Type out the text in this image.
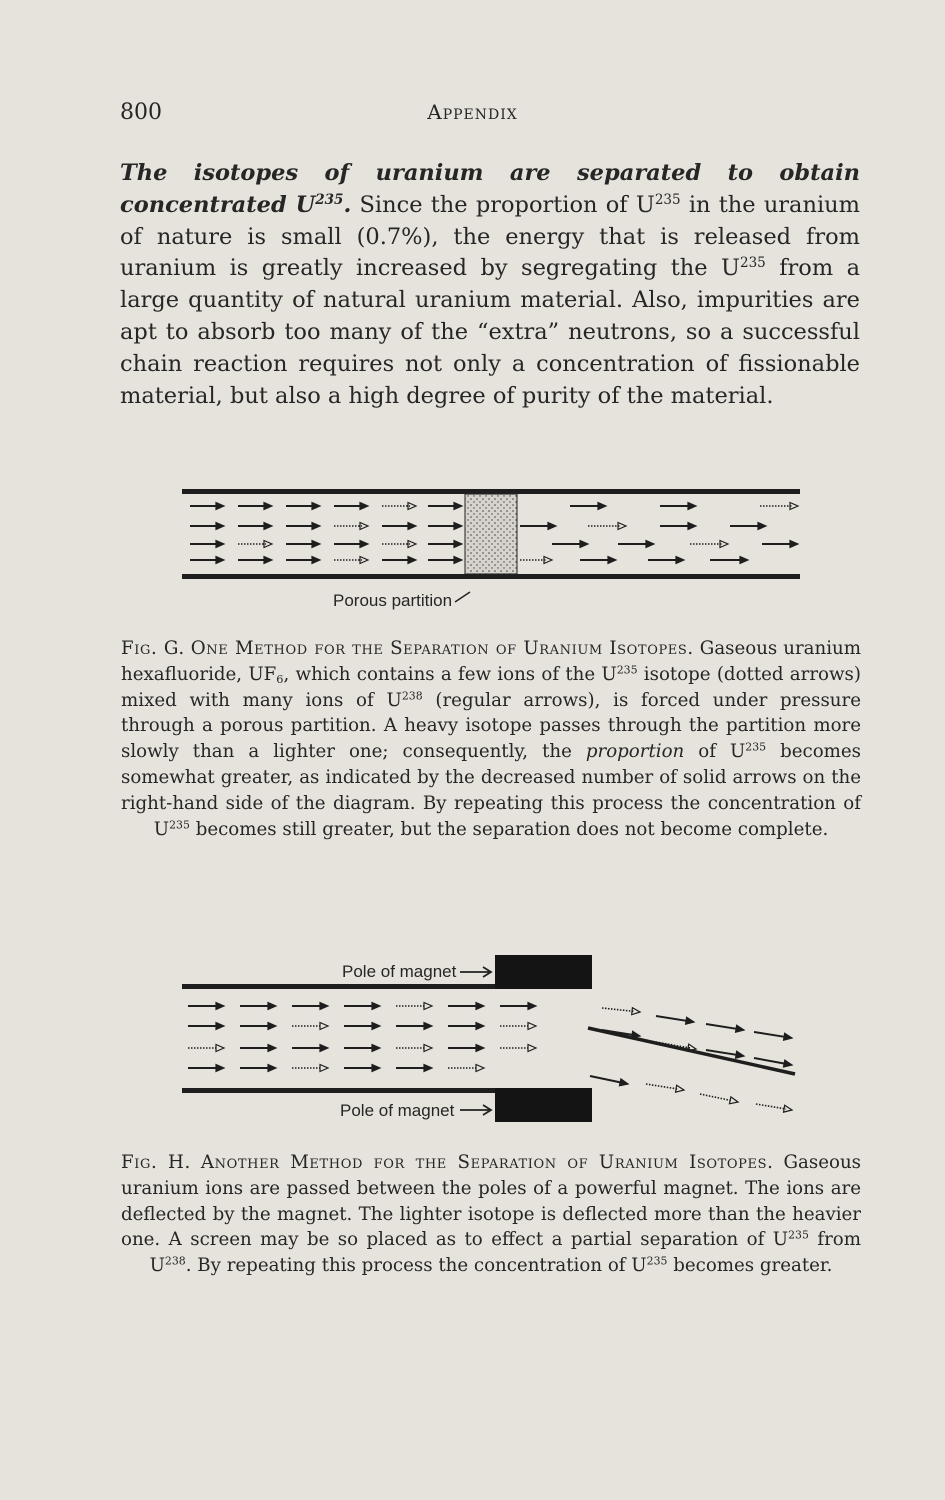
800	Appendix

The isotopes of uranium are separated to obtain concentrated $U^{235}$. Since the proportion of $U^{235}$ in the uranium of nature is small (0.7%), the energy that is released from uranium is greatly increased by segregating the $U^{235}$ from a large quantity of natural uranium material. Also, impurities are apt to absorb too many of the “extra” neutrons, so a successful chain reaction requires not only a concentration of fissionable material, but also a high degree of purity of the material.

Porous partition
Fig. G. One Method for the Separation of Uranium Isotopes. Gaseous uranium hexafluoride, $UF_6$, which contains a few ions of the $U^{235}$ isotope (dotted arrows) mixed with many ions of $U^{238}$ (regular arrows), is forced under pressure through a porous partition. A heavy isotope passes through the partition more slowly than a lighter one; consequently, the proportion of $U^{235}$ becomes somewhat greater, as indicated by the decreased number of solid arrows on the right-hand side of the diagram. By repeating this process the concentration of $U^{235}$ becomes still greater, but the separation does not become complete.
Pole of magnet
Pole of magnet
Fig. H. Another Method for the Separation of Uranium Isotopes. Gaseous uranium ions are passed between the poles of a powerful magnet. The ions are deflected by the magnet. The lighter isotope is deflected more than the heavier one. A screen may be so placed as to effect a partial separation of $U^{235}$ from $U^{238}$. By repeating this process the concentration of $U^{235}$ becomes greater.
